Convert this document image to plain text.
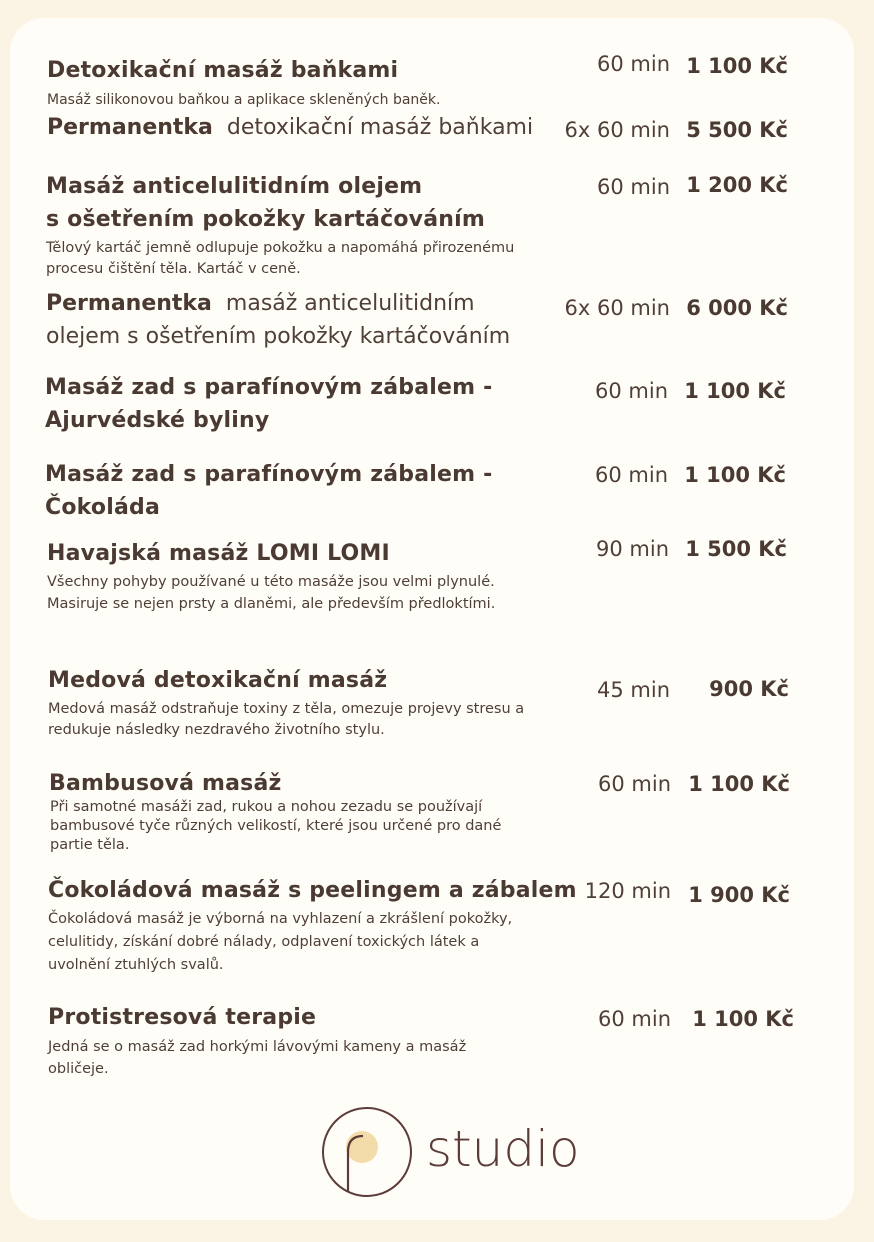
Detoxikační masáž baňkami
Masáž silikonovou baňkou a aplikace skleněných baněk.
60 min 1 100 Kč
Permanentka detoxikační masáž baňkami	6x 60 min 5 500 Kč
Masáž anticelulitidním olejem
s ošetřením pokožky kartáčováním
Tělový kartáč jemně odlupuje pokožku a napomáhá přirozenému procesu čištění těla. Kartáč v ceně.
60 min 1 200 Kč
Permanentka masáž anticelulitidním
olejem s ošetřením pokožky kartáčováním
6x 60 min 6 000 Kč
Masáž zad s parafínovým zábalem -
Ajurvédské byliny
60 min 1 100 Kč
Masáž zad s parafínovým zábalem -
Čokoláda
60 min 1 100 Kč
Havajská masáž LOMI LOMI
Všechny pohyby používané u této masáže jsou velmi plynulé.
Masiruje se nejen prsty a dlaněmi, ale především předloktími.
90 min 1 500 Kč
Medová detoxikační masáž
Medová masáž odstraňuje toxiny z těla, omezuje projevy stresu a redukuje následky nezdravého životního stylu.
45 min	900 Kč
Bambusová masáž
Při samotné masáži zad, rukou a nohou zezadu se používají bambusové tyče různých velikostí, které jsou určené pro dané partie těla.
60 min 1 100 Kč
Čokoládová masáž s peelingem a zábalem
Čokoládová masáž je výborná na vyhlazení a zkrášlení pokožky, celulitidy, získání dobré nálady, odplavení toxických látek a uvolnění ztuhlých svalů.
120 min 1 900 Kč
Protistresová terapie
Jedná se o masáž zad horkými lávovými kameny a masáž obličeje.
60 min	1 100 Kč
studio
